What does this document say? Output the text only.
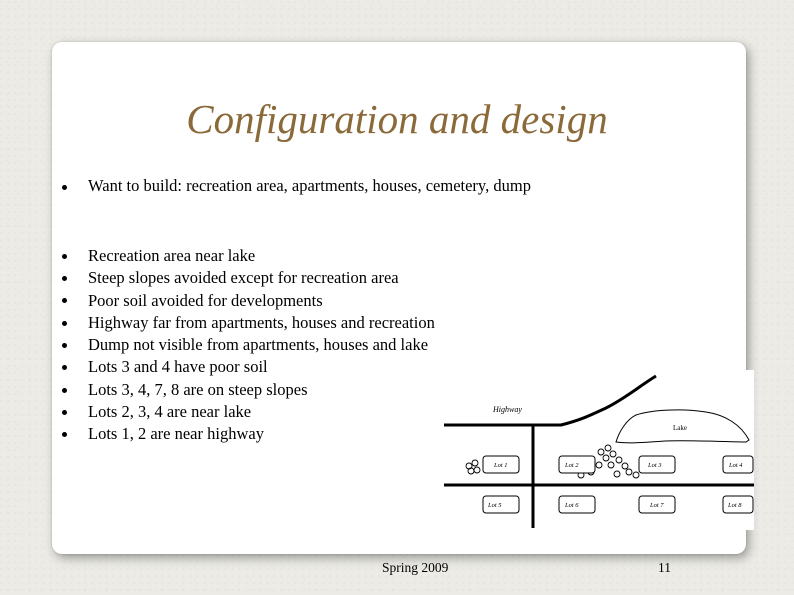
Configuration and design
Want to build: recreation area, apartments, houses, cemetery, dump
Recreation area near lake
Steep slopes avoided except for recreation area
Poor soil avoided for developments
Highway far from apartments, houses and recreation
Dump not visible from apartments, houses and lake
Lots 3 and 4 have poor soil
Lots 3, 4, 7, 8 are on steep slopes
Lots 2, 3, 4 are near lake
Lots 1, 2 are near highway
Lot 1	Lot 2	Lot 3	Lot 4
Lot 5	Lot 6	Lot 7	Lot 8
Highway
Lake
Spring 2009	11
